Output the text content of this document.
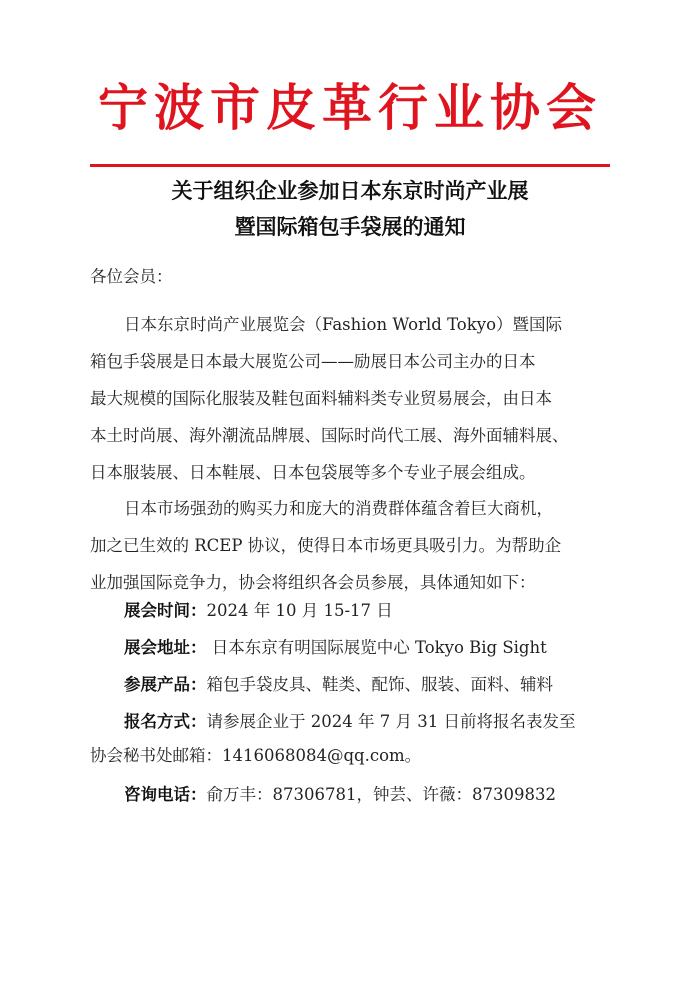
宁波市皮革行业协会
关于组织企业参加日本东京时尚产业展
暨国际箱包手袋展的通知
各位会员：
日本东京时尚产业展览会（Fashion World Tokyo）暨国际
箱包手袋展是日本最大展览公司——励展日本公司主办的日本
最大规模的国际化服装及鞋包面料辅料类专业贸易展会，由日本
本土时尚展、海外潮流品牌展、国际时尚代工展、海外面辅料展、
日本服装展、日本鞋展、日本包袋展等多个专业子展会组成。
日本市场强劲的购买力和庞大的消费群体蕴含着巨大商机，
加之已生效的 RCEP 协议，使得日本市场更具吸引力。为帮助企
业加强国际竞争力，协会将组织各会员参展，具体通知如下：
展会时间：2024 年 10 月 15-17 日
展会地址： 日本东京有明国际展览中心 Tokyo Big Sight
参展产品：箱包手袋皮具、鞋类、配饰、服装、面料、辅料
报名方式：请参展企业于 2024 年 7 月 31 日前将报名表发至
协会秘书处邮箱：1416068084@qq.com。
咨询电话：俞万丰：87306781，钟芸、许薇：87309832
